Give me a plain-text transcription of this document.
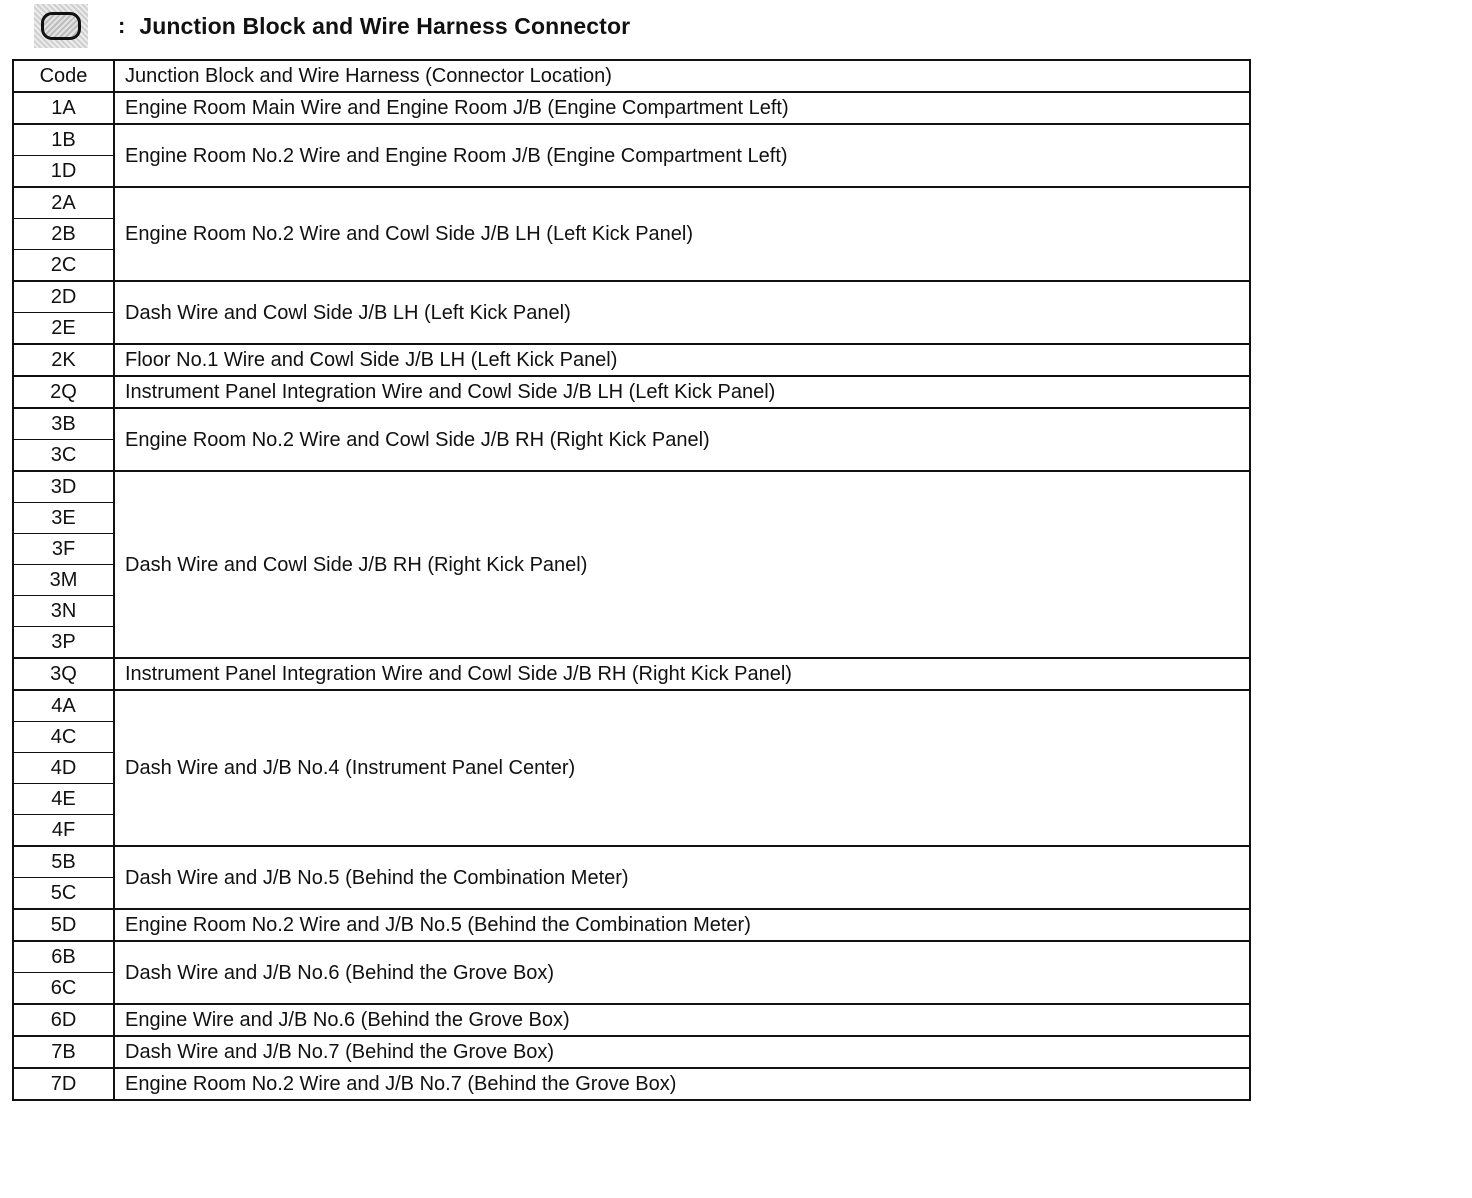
: Junction Block and Wire Harness Connector
Code	Junction Block and Wire Harness (Connector Location)
1A	Engine Room Main Wire and Engine Room J/B (Engine Compartment Left)
1B	Engine Room No.2 Wire and Engine Room J/B (Engine Compartment Left)
1D	
2A	Engine Room No.2 Wire and Cowl Side J/B LH (Left Kick Panel)
2B	
2C	
2D	Dash Wire and Cowl Side J/B LH (Left Kick Panel)
2E	
2K	Floor No.1 Wire and Cowl Side J/B LH (Left Kick Panel)
2Q	Instrument Panel Integration Wire and Cowl Side J/B LH (Left Kick Panel)
3B	Engine Room No.2 Wire and Cowl Side J/B RH (Right Kick Panel)
3C	
3D	Dash Wire and Cowl Side J/B RH (Right Kick Panel)
3E	
3F	
3M	
3N	
3P	
3Q	Instrument Panel Integration Wire and Cowl Side J/B RH (Right Kick Panel)
4A	Dash Wire and J/B No.4 (Instrument Panel Center)
4C	
4D	
4E	
4F	
5B	Dash Wire and J/B No.5 (Behind the Combination Meter)
5C	
5D	Engine Room No.2 Wire and J/B No.5 (Behind the Combination Meter)
6B	Dash Wire and J/B No.6 (Behind the Grove Box)
6C	
6D	Engine Wire and J/B No.6 (Behind the Grove Box)
7B	Dash Wire and J/B No.7 (Behind the Grove Box)
7D	Engine Room No.2 Wire and J/B No.7 (Behind the Grove Box)
